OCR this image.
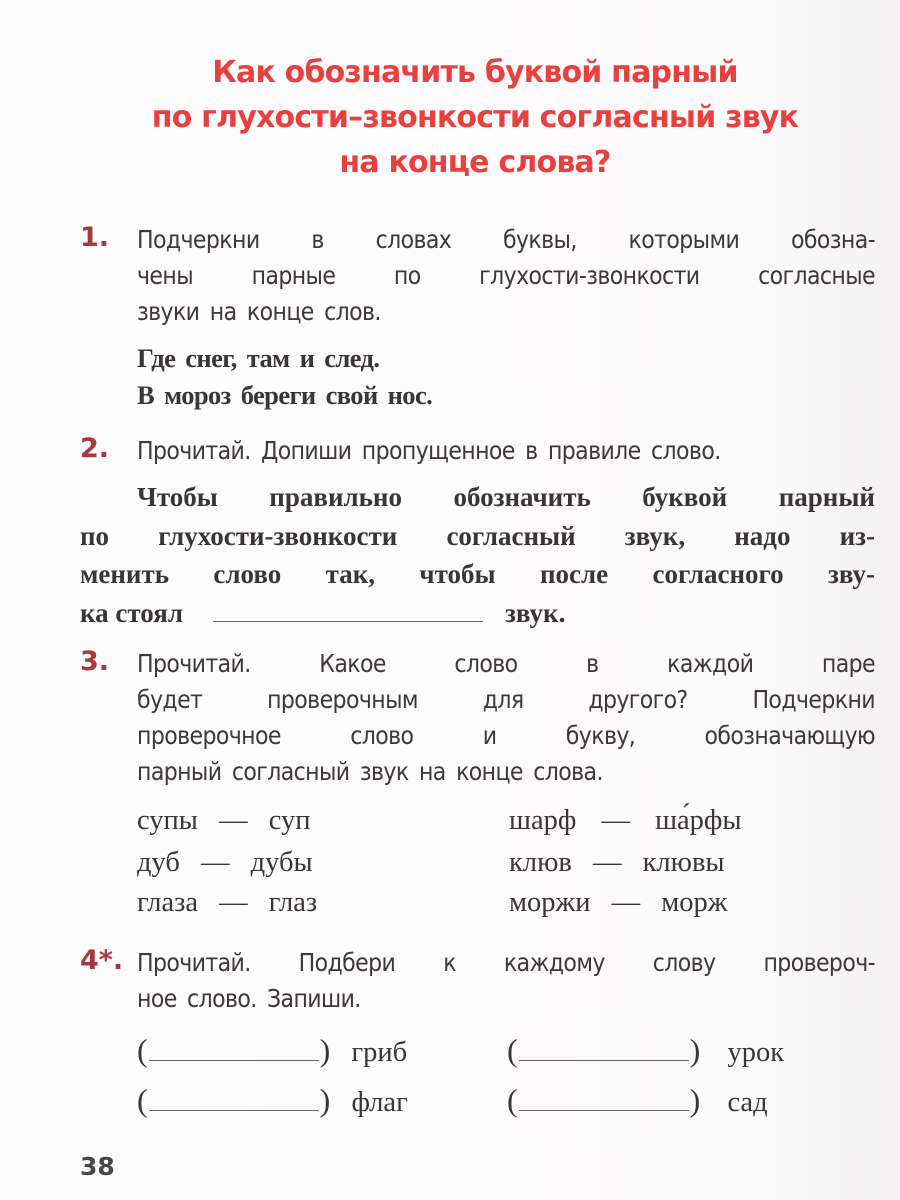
Как обозначить буквой парный
по глухости–звонкости согласный звук
на конце слова?
1. Подчеркни в словах буквы, которыми обозна-
чены парные по глухости-звонкости согласные
звуки на конце слов.
Где снег, там и след.
В мороз береги свой нос.
2. Прочитай. Допиши пропущенное в правиле слово.
Чтобы правильно обозначить буквой парный
по глухости-звонкости согласный звук, надо из-
менить слово так, чтобы после согласного зву-
ка стоял	звук.
3. Прочитай. Какое слово в каждой паре
будет проверочным для другого? Подчеркни
проверочное слово и букву, обозначающую
парный согласный звук на конце слова.
супы — суп	шарф — ша́рфы
дуб — дубы	клюв — клювы
глаза — глаз	моржи — морж
4*. Прочитай. Подбери к каждому слову провероч-
ное слово. Запиши.
(	) гриб	(	) урок
(	) флаг	(	) сад
38
